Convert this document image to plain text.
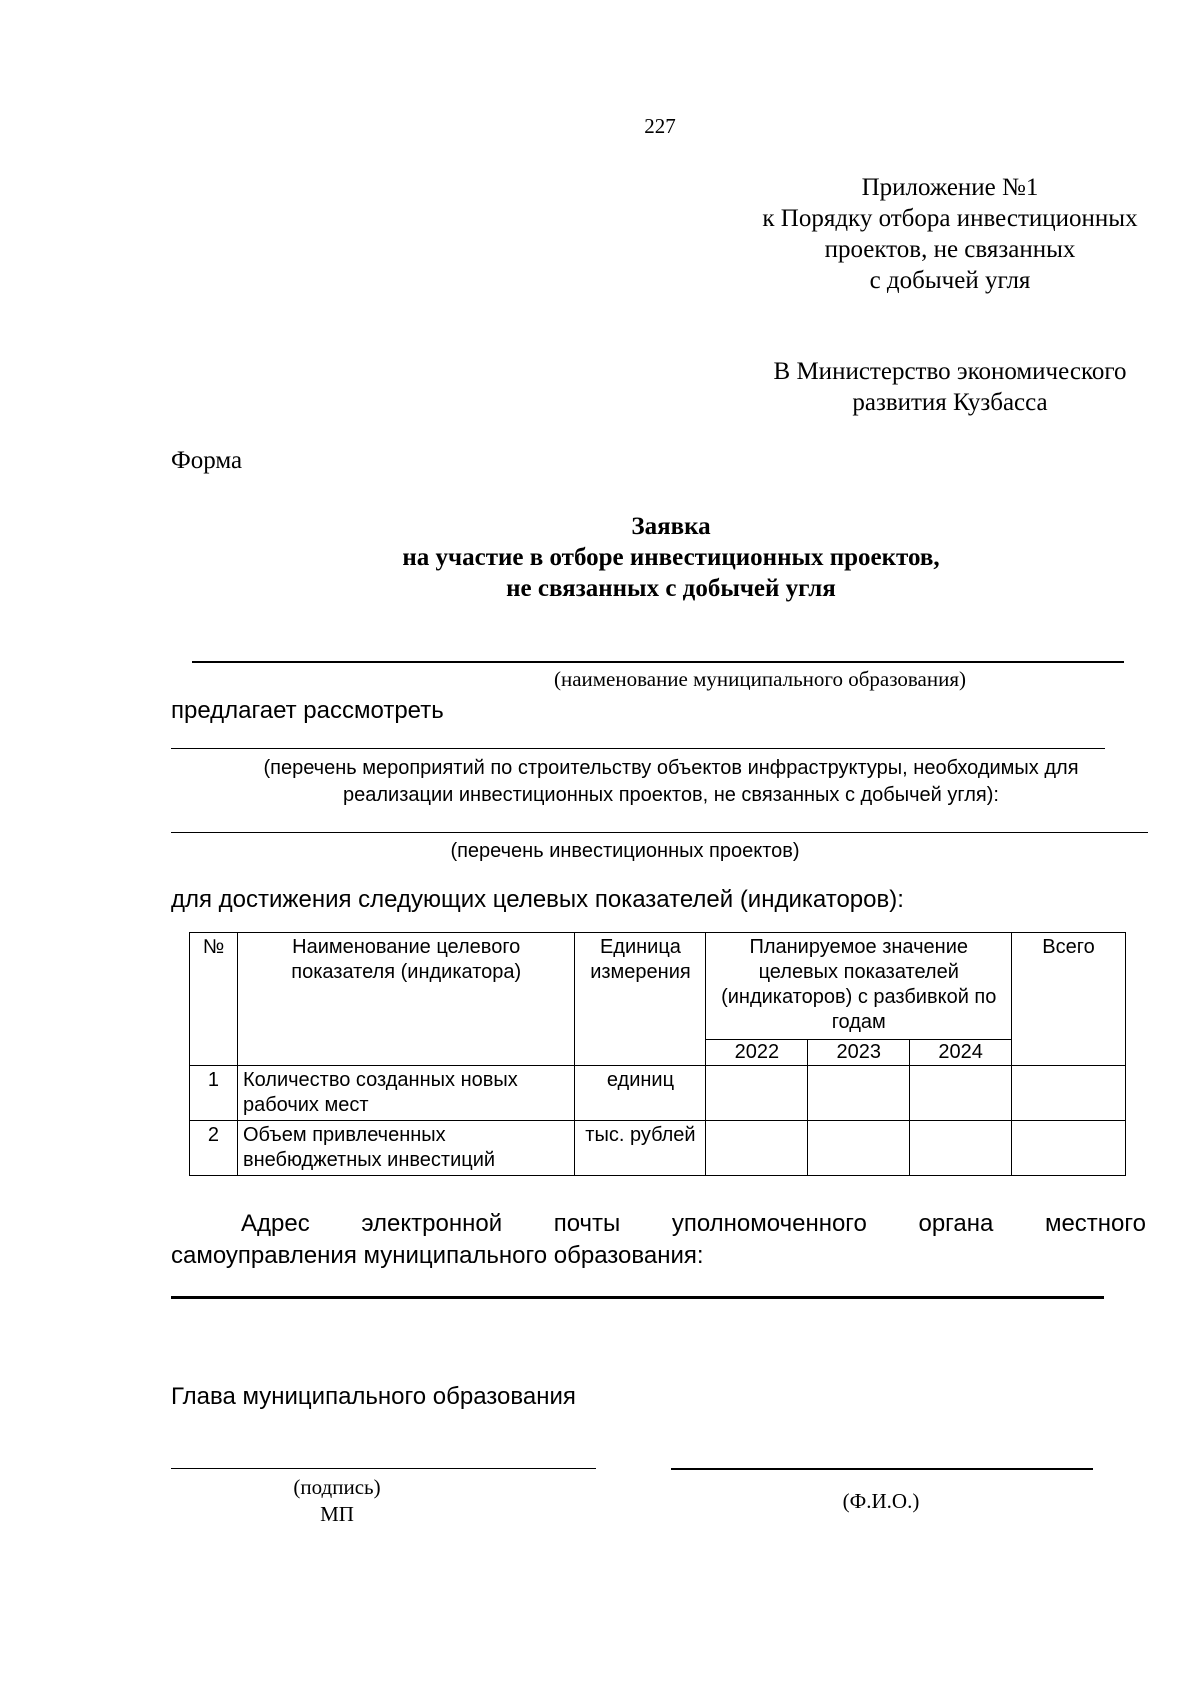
227
Приложение №1
к Порядку отбора инвестиционных
проектов, не связанных
с добычей угля
В Министерство экономического
развития Кузбасса
Форма
Заявка
на участие в отборе инвестиционных проектов,
не связанных с добычей угля
(наименование муниципального образования)
предлагает рассмотреть
(перечень мероприятий по строительству объектов инфраструктуры, необходимых для
реализации инвестиционных проектов, не связанных с добычей угля):
(перечень инвестиционных проектов)
для достижения следующих целевых показателей (индикаторов):
№	Наименование целевого показателя (индикатора)	Единица измерения	Планируемое значение целевых показателей (индикаторов) с разбивкой по годам			Всего
			2022	2023	2024	
1	Количество созданных новых рабочих мест	единиц				
2	Объем привлеченных внебюджетных инвестиций	тыс. рублей				
Адрес электронной почты уполномоченного органа местного
самоуправления муниципального образования:
Глава муниципального образования
(подпись)
МП
(Ф.И.О.)
